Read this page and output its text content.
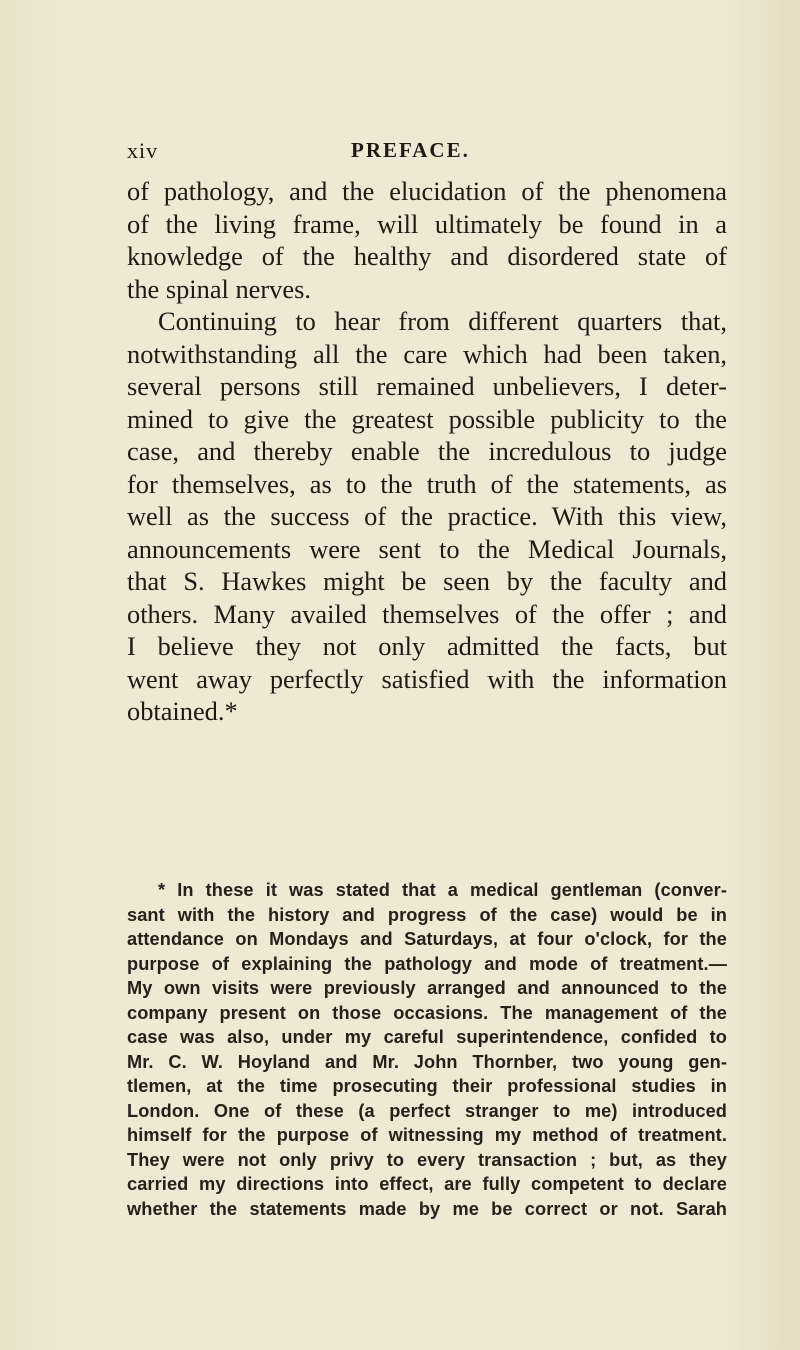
xiv	PREFACE.
of pathology, and the elucidation of the phenomena
of the living frame, will ultimately be found in a
knowledge of the healthy and disordered state of
the spinal nerves.
Continuing to hear from different quarters that,
notwithstanding all the care which had been taken,
several persons still remained unbelievers, I deter-
mined to give the greatest possible publicity to the
case, and thereby enable the incredulous to judge
for themselves, as to the truth of the statements, as
well as the success of the practice. With this view,
announcements were sent to the Medical Journals,
that S. Hawkes might be seen by the faculty and
others. Many availed themselves of the offer ; and
I believe they not only admitted the facts, but
went away perfectly satisfied with the information
obtained.*
* In these it was stated that a medical gentleman (conver-
sant with the history and progress of the case) would be in
attendance on Mondays and Saturdays, at four o'clock, for the
purpose of explaining the pathology and mode of treatment.—
My own visits were previously arranged and announced to the
company present on those occasions. The management of the
case was also, under my careful superintendence, confided to
Mr. C. W. Hoyland and Mr. John Thornber, two young gen-
tlemen, at the time prosecuting their professional studies in
London. One of these (a perfect stranger to me) introduced
himself for the purpose of witnessing my method of treatment.
They were not only privy to every transaction ; but, as they
carried my directions into effect, are fully competent to declare
whether the statements made by me be correct or not. Sarah
